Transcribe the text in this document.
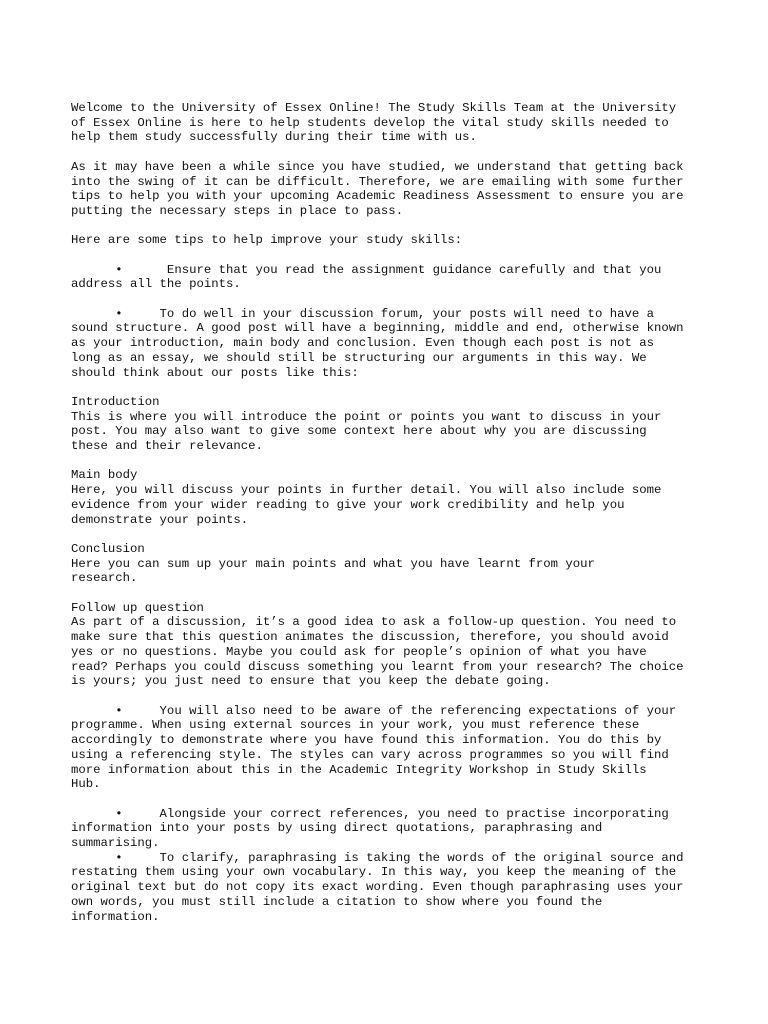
Welcome to the University of Essex Online! The Study Skills Team at the University
of Essex Online is here to help students develop the vital study skills needed to
help them study successfully during their time with us.

As it may have been a while since you have studied, we understand that getting back
into the swing of it can be difficult. Therefore, we are emailing with some further
tips to help you with your upcoming Academic Readiness Assessment to ensure you are
putting the necessary steps in place to pass.

Here are some tips to help improve your study skills:

•      Ensure that you read the assignment guidance carefully and that you
address all the points.

•     To do well in your discussion forum, your posts will need to have a
sound structure. A good post will have a beginning, middle and end, otherwise known
as your introduction, main body and conclusion. Even though each post is not as
long as an essay, we should still be structuring our arguments in this way. We
should think about our posts like this:

Introduction
This is where you will introduce the point or points you want to discuss in your
post. You may also want to give some context here about why you are discussing
these and their relevance.

Main body
Here, you will discuss your points in further detail. You will also include some
evidence from your wider reading to give your work credibility and help you
demonstrate your points.

Conclusion
Here you can sum up your main points and what you have learnt from your
research.

Follow up question
As part of a discussion, it’s a good idea to ask a follow-up question. You need to
make sure that this question animates the discussion, therefore, you should avoid
yes or no questions. Maybe you could ask for people’s opinion of what you have
read? Perhaps you could discuss something you learnt from your research? The choice
is yours; you just need to ensure that you keep the debate going.

•     You will also need to be aware of the referencing expectations of your
programme. When using external sources in your work, you must reference these
accordingly to demonstrate where you have found this information. You do this by
using a referencing style. The styles can vary across programmes so you will find
more information about this in the Academic Integrity Workshop in Study Skills
Hub.

•     Alongside your correct references, you need to practise incorporating
information into your posts by using direct quotations, paraphrasing and
summarising.

•     To clarify, paraphrasing is taking the words of the original source and
restating them using your own vocabulary. In this way, you keep the meaning of the
original text but do not copy its exact wording. Even though paraphrasing uses your
own words, you must still include a citation to show where you found the
information.
